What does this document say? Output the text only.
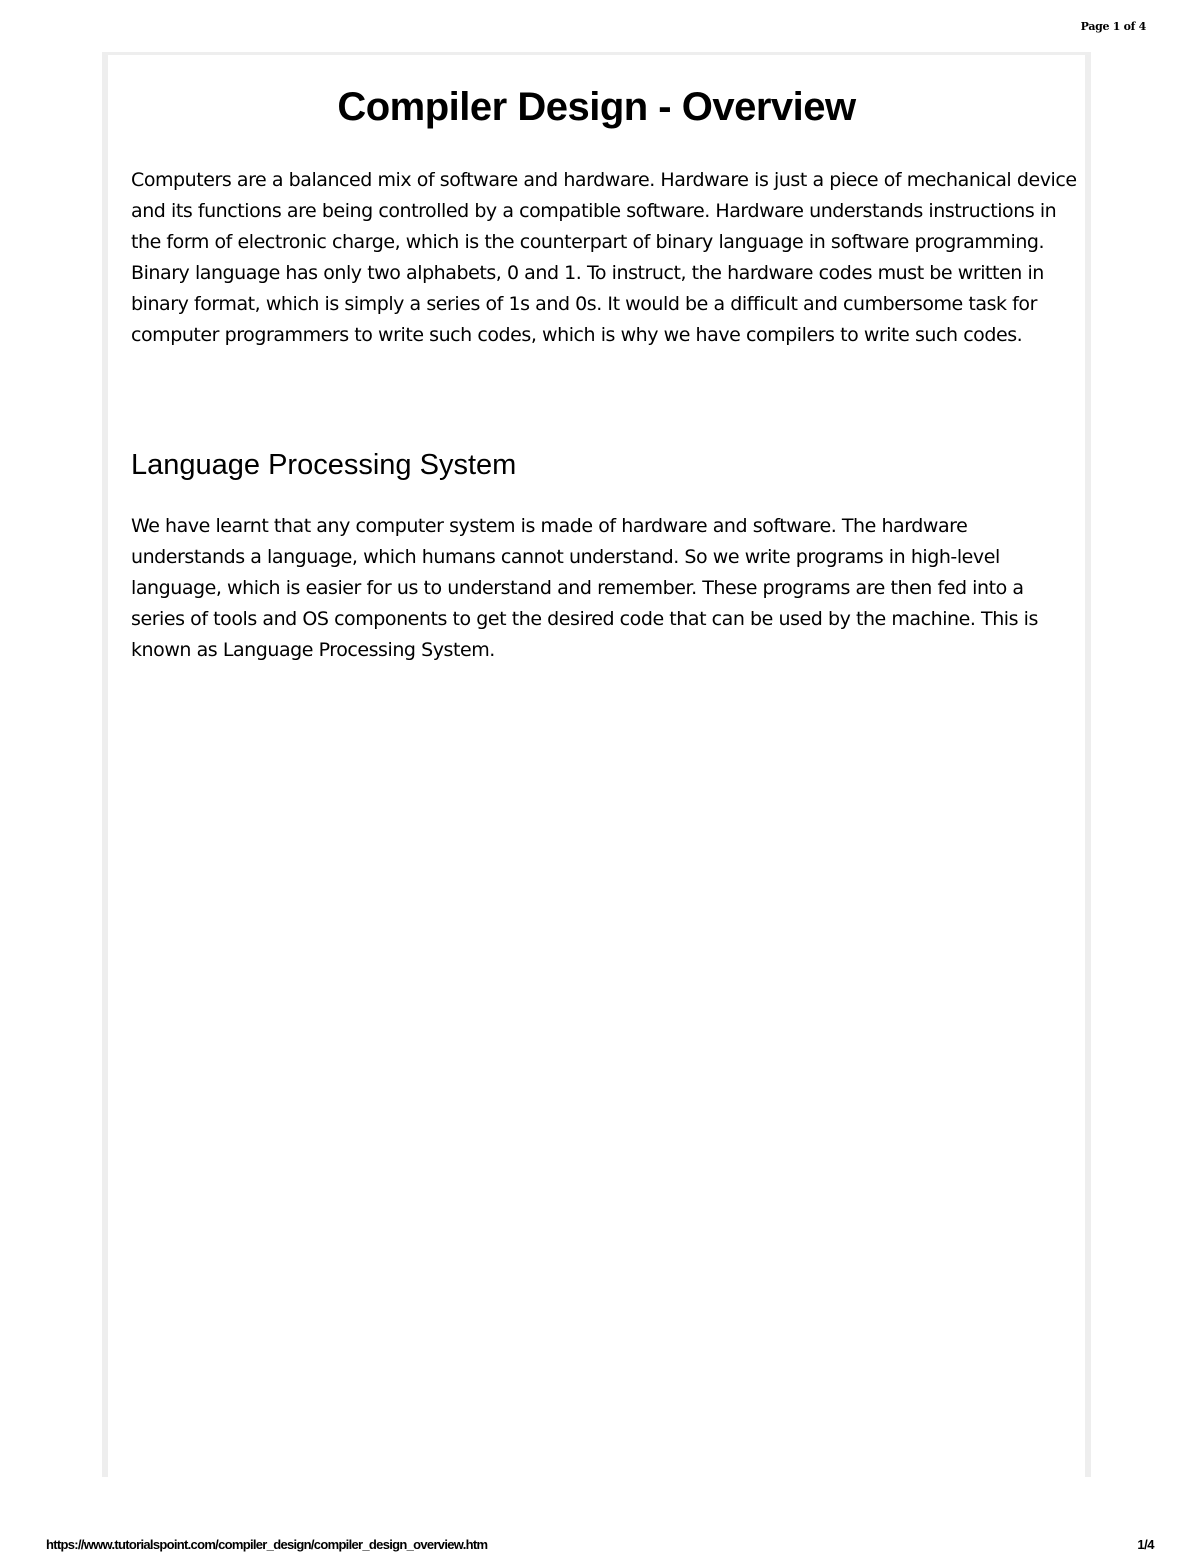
Page 1 of 4
Compiler Design - Overview

Computers are a balanced mix of software and hardware. Hardware is just a piece of mechanical device and its functions are being controlled by a compatible software. Hardware understands instructions in the form of electronic charge, which is the counterpart of binary language in software programming. Binary language has only two alphabets, 0 and 1. To instruct, the hardware codes must be written in binary format, which is simply a series of 1s and 0s. It would be a difficult and cumbersome task for computer programmers to write such codes, which is why we have compilers to write such codes.

Language Processing System

We have learnt that any computer system is made of hardware and software. The hardware understands a language, which humans cannot understand. So we write programs in high-level language, which is easier for us to understand and remember. These programs are then fed into a series of tools and OS components to get the desired code that can be used by the machine. This is known as Language Processing System.

https://www.tutorialspoint.com/compiler_design/compiler_design_overview.htm	1/4
